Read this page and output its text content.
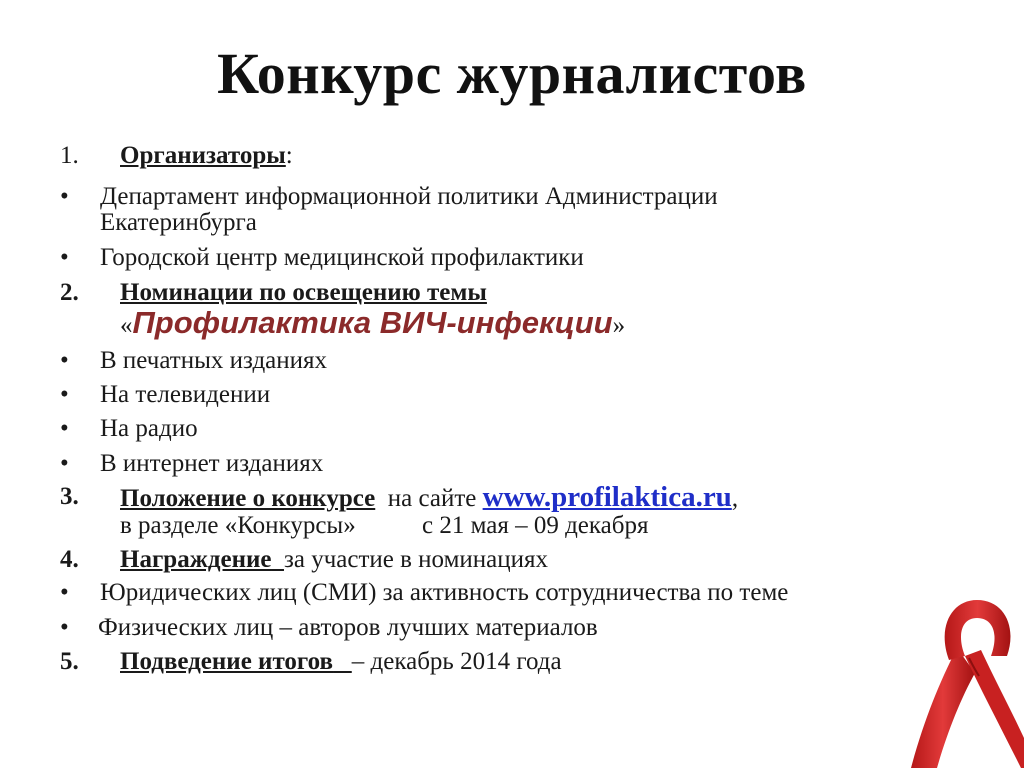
Конкурс журналистов
1. Организаторы:
• Департамент информационной политики Администрации
Екатеринбурга
• Городской центр медицинской профилактики
2. Номинации по освещению темы
«Профилактика ВИЧ-инфекции»
• В печатных изданиях
• На телевидении
• На радио
• В интернет изданиях
3. Положение о конкурсе на сайте www.profilaktica.ru,
в разделе «Конкурсы»	с 21 мая – 09 декабря
4. Награждение за участие в номинациях
• Юридических лиц (СМИ) за активность сотрудничества по теме
• Физических лиц – авторов лучших материалов
5. Подведение итогов – декабрь 2014 года
